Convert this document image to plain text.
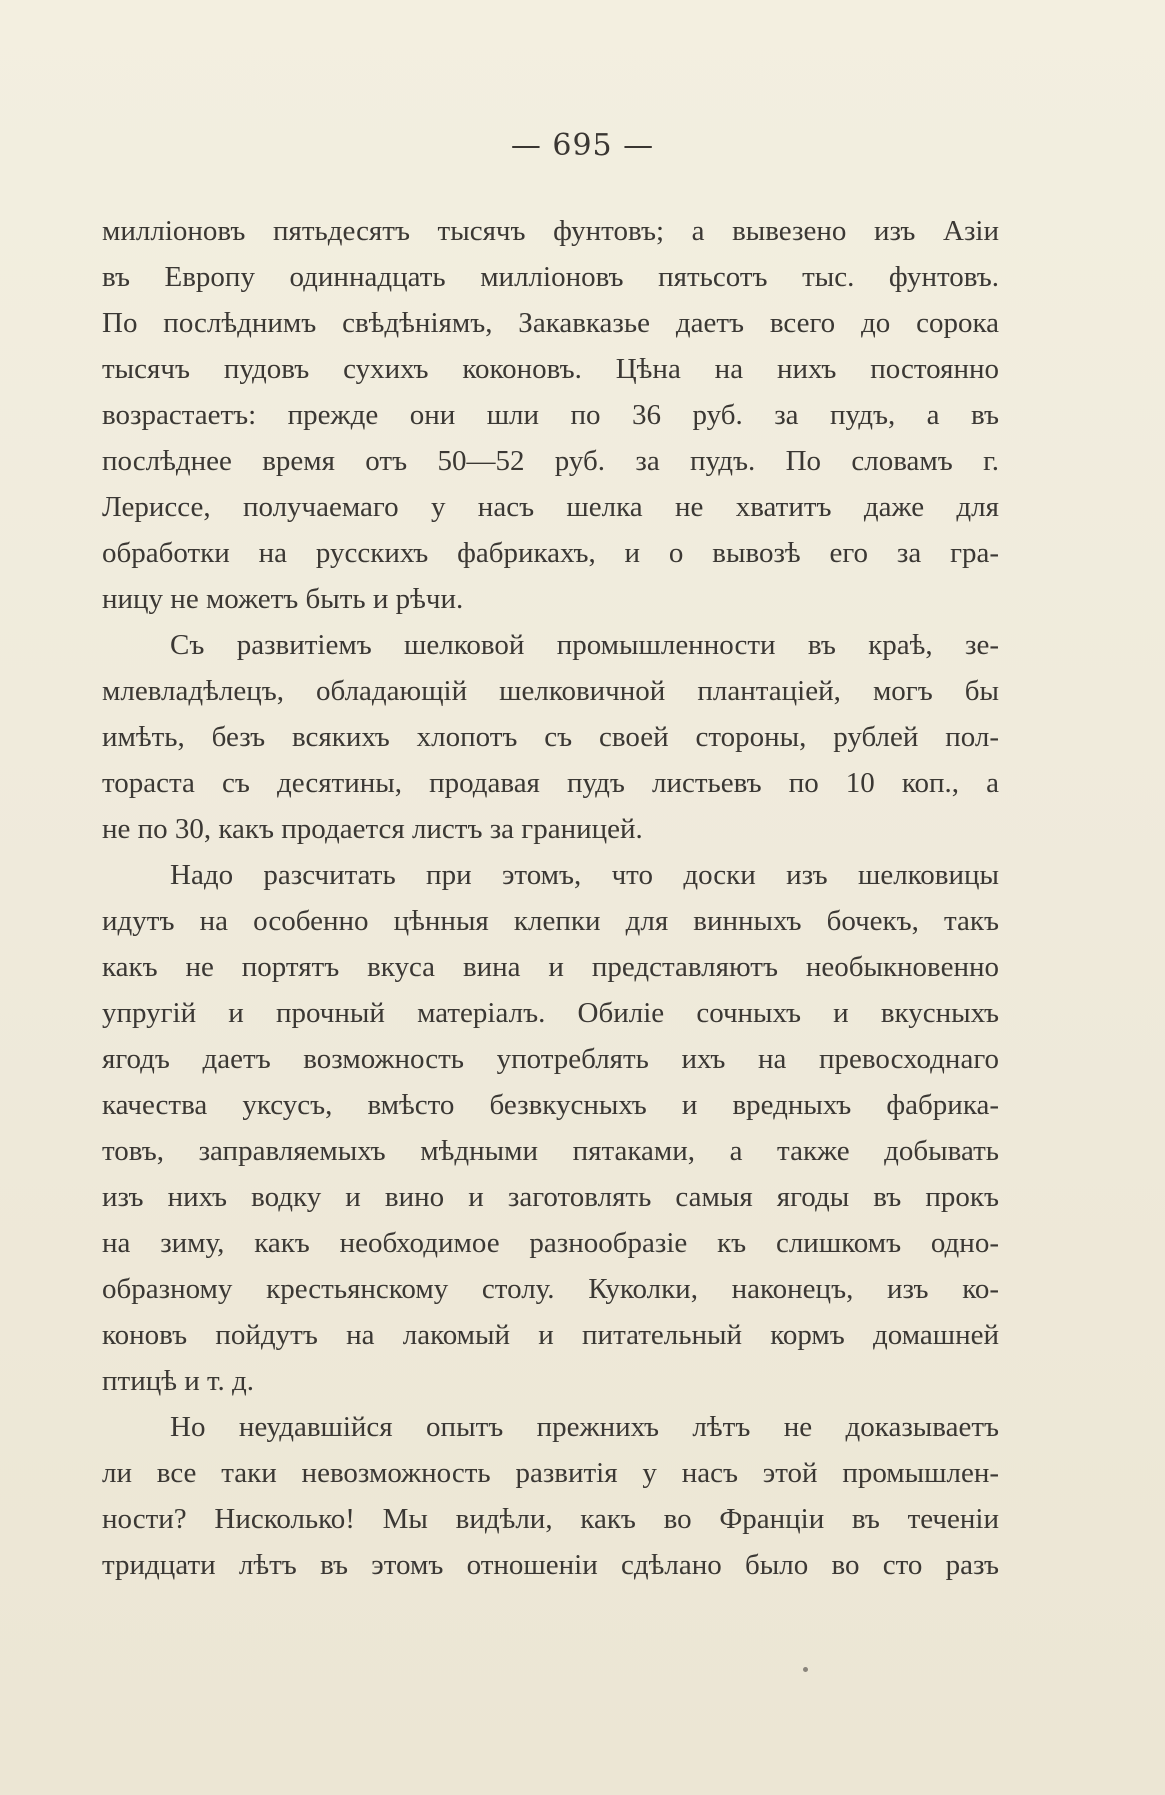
— 695 —
милліоновъ пятьдесятъ тысячъ фунтовъ; а вывезено изъ Азіи
въ Европу одиннадцать милліоновъ пятьсотъ тыс. фунтовъ.
По послѣднимъ свѣдѣніямъ, Закавказье даетъ всего до сорока
тысячъ пудовъ сухихъ коконовъ. Цѣна на нихъ постоянно
возрастаетъ: прежде они шли по 36 руб. за пудъ, а въ
послѣднее время отъ 50—52 руб. за пудъ. По словамъ г.
Лериссе, получаемаго у насъ шелка не хватитъ даже для
обработки на русскихъ фабрикахъ, и о вывозѣ его за гра-
ницу не можетъ быть и рѣчи.
Съ развитіемъ шелковой промышленности въ краѣ, зе-
млевладѣлецъ, обладающій шелковичной плантаціей, могъ бы
имѣть, безъ всякихъ хлопотъ съ своей стороны, рублей пол-
тораста съ десятины, продавая пудъ листьевъ по 10 коп., а
не по 30, какъ продается листъ за границей.
Надо разсчитать при этомъ, что доски изъ шелковицы
идутъ на особенно цѣнныя клепки для винныхъ бочекъ, такъ
какъ не портятъ вкуса вина и представляютъ необыкновенно
упругій и прочный матеріалъ. Обиліе сочныхъ и вкусныхъ
ягодъ даетъ возможность употреблять ихъ на превосходнаго
качества уксусъ, вмѣсто безвкусныхъ и вредныхъ фабрика-
товъ, заправляемыхъ мѣдными пятаками, а также добывать
изъ нихъ водку и вино и заготовлять самыя ягоды въ прокъ
на зиму, какъ необходимое разнообразіе къ слишкомъ одно-
образному крестьянскому столу. Куколки, наконецъ, изъ ко-
коновъ пойдутъ на лакомый и питательный кормъ домашней
птицѣ и т. д.
Но неудавшійся опытъ прежнихъ лѣтъ не доказываетъ
ли все таки невозможность развитія у насъ этой промышлен-
ности? Нисколько! Мы видѣли, какъ во Франціи въ теченіи
тридцати лѣтъ въ этомъ отношеніи сдѣлано было во сто разъ
